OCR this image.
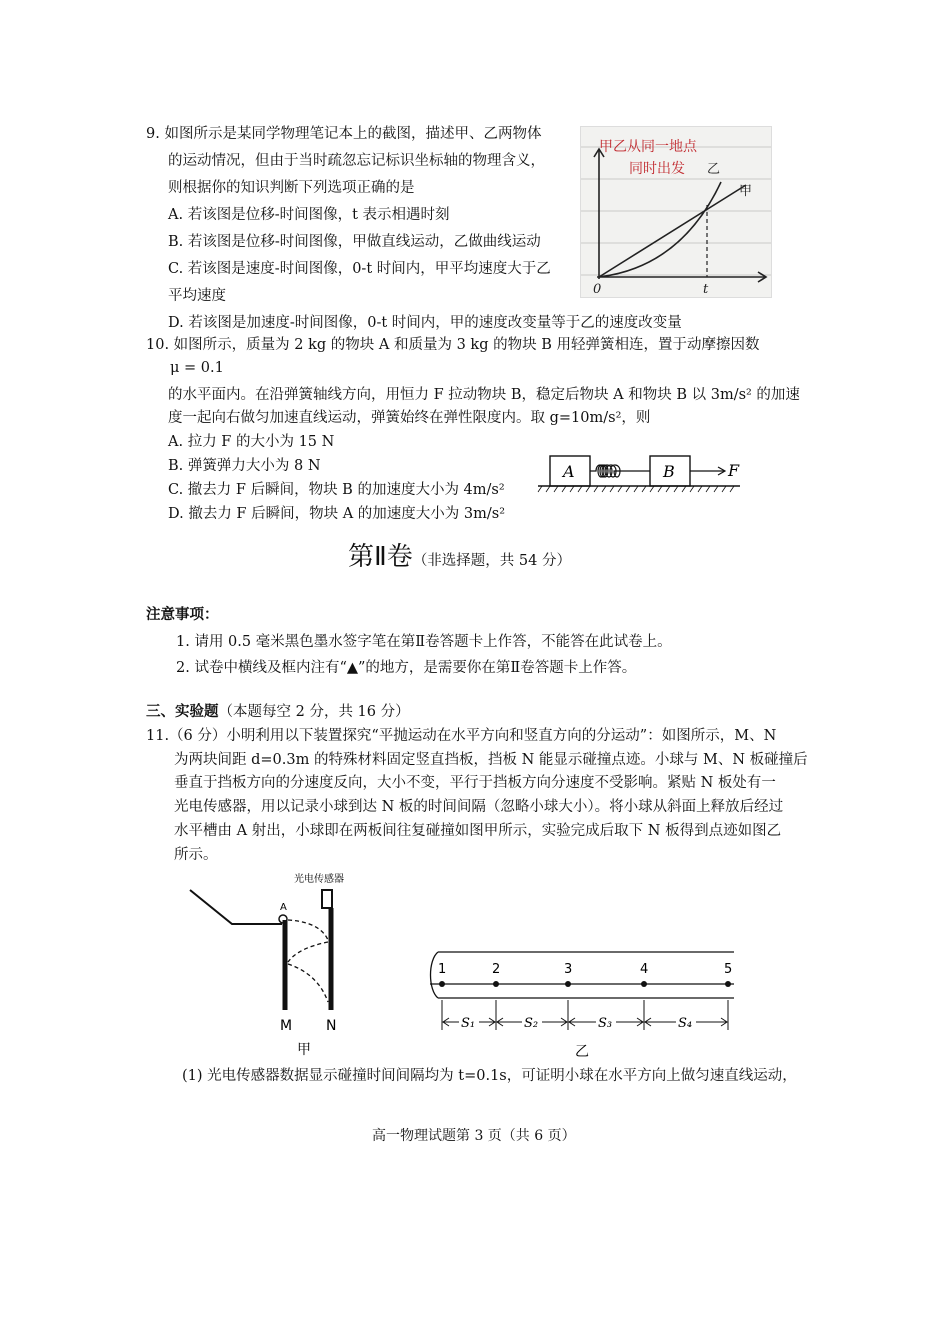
9. 如图所示是某同学物理笔记本上的截图，描述甲、乙两物体
的运动情况，但由于当时疏忽忘记标识坐标轴的物理含义，
则根据你的知识判断下列选项正确的是
A. 若该图是位移-时间图像，t 表示相遇时刻
B. 若该图是位移-时间图像，甲做直线运动，乙做曲线运动
C. 若该图是速度-时间图像，0-t 时间内，甲平均速度大于乙
平均速度
D. 若该图是加速度-时间图像，0-t 时间内，甲的速度改变量等于乙的速度改变量
甲乙从同一地点
同时出发 乙
甲
0	t
10. 如图所示，质量为 2 kg 的物块 A 和质量为 3 kg 的物块 B 用轻弹簧相连，置于动摩擦因数
μ = 0.1
的水平面内。在沿弹簧轴线方向，用恒力 F 拉动物块 B，稳定后物块 A 和物块 B 以 3m/s² 的加速
度一起向右做匀加速直线运动，弹簧始终在弹性限度内。取 g=10m/s²，则
A. 拉力 F 的大小为 15 N
B. 弹簧弹力大小为 8 N
C. 撤去力 F 后瞬间，物块 B 的加速度大小为 4m/s²
D. 撤去力 F 后瞬间，物块 A 的加速度大小为 3m/s²
A	B	F
第Ⅱ卷（非选择题，共 54 分）
注意事项：
1. 请用 0.5 毫米黑色墨水签字笔在第Ⅱ卷答题卡上作答，不能答在此试卷上。
2. 试卷中横线及框内注有“▲”的地方，是需要你在第Ⅱ卷答题卡上作答。
三、实验题（本题每空 2 分，共 16 分）
11.（6 分）小明利用以下装置探究“平抛运动在水平方向和竖直方向的分运动”：如图所示，M、N
为两块间距 d=0.3m 的特殊材料固定竖直挡板，挡板 N 能显示碰撞点迹。小球与 M、N 板碰撞后
垂直于挡板方向的分速度反向，大小不变，平行于挡板方向分速度不受影响。紧贴 N 板处有一
光电传感器，用以记录小球到达 N 板的时间间隔（忽略小球大小）。将小球从斜面上释放后经过
水平槽由 A 射出，小球即在两板间往复碰撞如图甲所示，实验完成后取下 N 板得到点迹如图乙
所示。
光电传感器
A
M N
甲
1	2	3	4	5
S₁	S₂	S₃	S₄
乙
(1) 光电传感器数据显示碰撞时间间隔均为 t=0.1s，可证明小球在水平方向上做匀速直线运动，
高一物理试题第 3 页（共 6 页）
